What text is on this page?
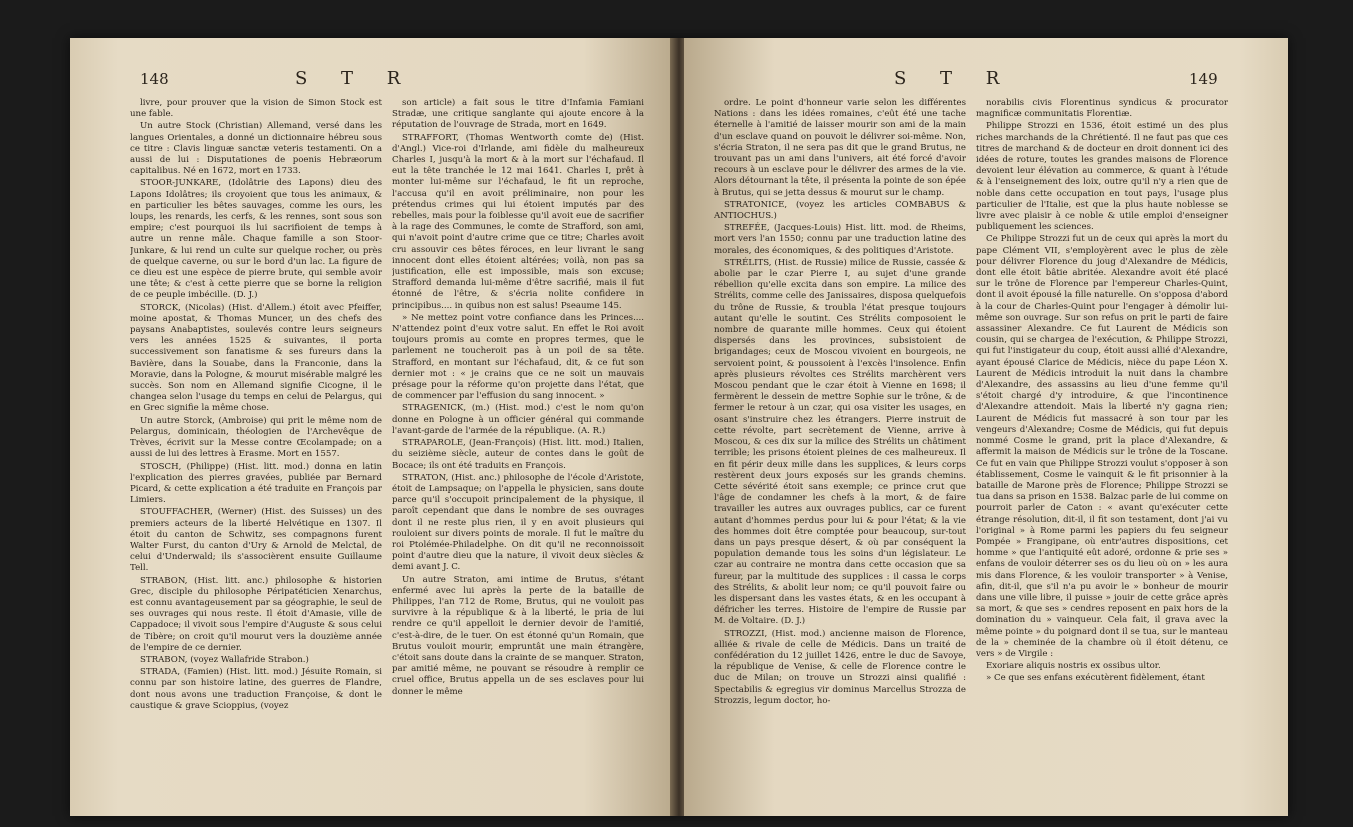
148	S T R

livre, pour prouver que la vision de Simon Stock est une fable.

Un autre Stock (Christian) Allemand, versé dans les langues Orientales, a donné un dictionnaire hébreu sous ce titre : Clavis linguæ sanctæ veteris testamenti. On a aussi de lui : Disputationes de poenis Hebræorum capitalibus. Né en 1672, mort en 1733.

STOOR-JUNKARE, (Idolâtrie des Lapons) dieu des Lapons Idolâtres; ils croyoient que tous les animaux, & en particulier les bêtes sauvages, comme les ours, les loups, les renards, les cerfs, & les rennes, sont sous son empire; c'est pourquoi ils lui sacrifioient de temps à autre un renne mâle. Chaque famille a son Stoor-Junkare, & lui rend un culte sur quelque rocher, ou près de quelque caverne, ou sur le bord d'un lac. La figure de ce dieu est une espèce de pierre brute, qui semble avoir une tête; & c'est à cette pierre que se borne la religion de ce peuple imbécille. (D. J.)

STORCK, (Nicolas) (Hist. d'Allem.) étoit avec Pfeiffer, moine apostat, & Thomas Muncer, un des chefs des paysans Anabaptistes, soulevés contre leurs seigneurs vers les années 1525 & suivantes, il porta successivement son fanatisme & ses fureurs dans la Bavière, dans la Souabe, dans la Franconie, dans la Moravie, dans la Pologne, & mourut misérable malgré les succès. Son nom en Allemand signifie Cicogne, il le changea selon l'usage du temps en celui de Pelargus, qui en Grec signifie la même chose.

Un autre Storck, (Ambroise) qui prit le même nom de Pelargus, dominicain, théologien de l'Archevêque de Trèves, écrivit sur la Messe contre Œcolampade; on a aussi de lui des lettres à Erasme. Mort en 1557.

STOSCH, (Philippe) (Hist. litt. mod.) donna en latin l'explication des pierres gravées, publiée par Bernard Picard, & cette explication a été traduite en François par Limiers.

STOUFFACHER, (Werner) (Hist. des Suisses) un des premiers acteurs de la liberté Helvétique en 1307. Il étoit du canton de Schwitz, ses compagnons furent Walter Furst, du canton d'Ury & Arnold de Melctal, de celui d'Underwald; ils s'associèrent ensuite Guillaume Tell.

STRABON, (Hist. litt. anc.) philosophe & historien Grec, disciple du philosophe Péripatéticien Xenarchus, est connu avantageusement par sa géographie, le seul de ses ouvrages qui nous reste. Il étoit d'Amasie, ville de Cappadoce; il vivoit sous l'empire d'Auguste & sous celui de Tibère; on croit qu'il mourut vers la douzième année de l'empire de ce dernier.

STRABON, (voyez Wallafride Strabon.)

STRADA, (Famien) (Hist. litt. mod.) Jésuite Romain, si connu par son histoire latine, des guerres de Flandre, dont nous avons une traduction Françoise, & dont le caustique & grave Scioppius, (voyez

son article) a fait sous le titre d'Infamia Famiani Stradæ, une critique sanglante qui ajoute encore à la réputation de l'ouvrage de Strada, mort en 1649.

STRAFFORT, (Thomas Wentworth comte de) (Hist. d'Angl.) Vice-roi d'Irlande, ami fidèle du malheureux Charles I, jusqu'à la mort & à la mort sur l'échafaud. Il eut la tête tranchée le 12 mai 1641. Charles I, prêt à monter lui-même sur l'échafaud, le fit un reproche, l'accusa qu'il en avoit préliminaire, non pour les prétendus crimes qui lui étoient imputés par des rebelles, mais pour la foiblesse qu'il avoit eue de sacrifier à la rage des Communes, le comte de Strafford, son ami, qui n'avoit point d'autre crime que ce titre; Charles avoit cru assouvir ces bêtes féroces, en leur livrant le sang innocent dont elles étoient altérées; voilà, non pas sa justification, elle est impossible, mais son excuse; Strafford demanda lui-même d'être sacrifié, mais il fut étonné de l'être, & s'écria nolite confidere in principibus.... in quibus non est salus! Pseaume 145.

» Ne mettez point votre confiance dans les Princes.... N'attendez point d'eux votre salut. En effet le Roi avoit toujours promis au comte en propres termes, que le parlement ne toucheroit pas à un poil de sa tête. Strafford, en montant sur l'échafaud, dit, & ce fut son dernier mot : « je crains que ce ne soit un mauvais présage pour la réforme qu'on projette dans l'état, que de commencer par l'effusion du sang innocent. »

STRAGENICK, (m.) (Hist. mod.) c'est le nom qu'on donne en Pologne à un officier général qui commande l'avant-garde de l'armée de la république. (A. R.)

STRAPAROLE, (Jean-François) (Hist. litt. mod.) Italien, du seizième siècle, auteur de contes dans le goût de Bocace; ils ont été traduits en François.

STRATON, (Hist. anc.) philosophe de l'école d'Aristote, étoit de Lampsaque; on l'appella le physicien, sans doute parce qu'il s'occupoit principalement de la physique, il paroît cependant que dans le nombre de ses ouvrages dont il ne reste plus rien, il y en avoit plusieurs qui rouloient sur divers points de morale. Il fut le maître du roi Ptolémée-Philadelphe. On dit qu'il ne reconnoissoit point d'autre dieu que la nature, il vivoit deux siècles & demi avant J. C.

Un autre Straton, ami intime de Brutus, s'étant enfermé avec lui après la perte de la bataille de Philippes, l'an 712 de Rome, Brutus, qui ne vouloit pas survivre à la république & à la liberté, le pria de lui rendre ce qu'il appelloit le dernier devoir de l'amitié, c'est-à-dire, de le tuer. On est étonné qu'un Romain, que Brutus vouloit mourir, empruntât une main étrangère, c'étoit sans doute dans la crainte de se manquer. Straton, par amitié même, ne pouvant se résoudre à remplir ce cruel office, Brutus appella un de ses esclaves pour lui donner le même

S T R	149

ordre. Le point d'honneur varie selon les différentes Nations : dans les idées romaines, c'eût été une tache éternelle à l'amitié de laisser mourir son ami de la main d'un esclave quand on pouvoit le délivrer soi-même. Non, s'écria Straton, il ne sera pas dit que le grand Brutus, ne trouvant pas un ami dans l'univers, ait été forcé d'avoir recours à un esclave pour le délivrer des armes de la vie. Alors détournant la tête, il présenta la pointe de son épée à Brutus, qui se jetta dessus & mourut sur le champ.

STRATONICE, (voyez les articles COMBABUS & ANTIOCHUS.)

STREFÉE, (Jacques-Louis) Hist. litt. mod. de Rheims, mort vers l'an 1550; connu par une traduction latine des morales, des économiques, & des politiques d'Aristote.

STRÉLITS, (Hist. de Russie) milice de Russie, cassée & abolie par le czar Pierre I, au sujet d'une grande rébellion qu'elle excita dans son empire. La milice des Strélits, comme celle des Janissaires, disposa quelquefois du trône de Russie, & troubla l'état presque toujours autant qu'elle le soutint. Ces Strélits composoient le nombre de quarante mille hommes. Ceux qui étoient dispersés dans les provinces, subsistoient de brigandages; ceux de Moscou vivoient en bourgeois, ne servoient point, & poussoient à l'excès l'insolence. Enfin après plusieurs révoltes ces Strélits marchèrent vers Moscou pendant que le czar étoit à Vienne en 1698; il fermèrent le dessein de mettre Sophie sur le trône, & de fermer le retour à un czar, qui osa visiter les usages, en osant s'instruire chez les étrangers. Pierre instruit de cette révolte, part secrètement de Vienne, arrive à Moscou, & ces dix sur la milice des Strélits un châtiment terrible; les prisons étoient pleines de ces malheureux. Il en fit périr deux mille dans les supplices, & leurs corps restèrent deux jours exposés sur les grands chemins. Cette sévérité étoit sans exemple; ce prince crut que l'âge de condamner les chefs à la mort, & de faire travailler les autres aux ouvrages publics, car ce furent autant d'hommes perdus pour lui & pour l'état; & la vie des hommes doit être comptée pour beaucoup, sur-tout dans un pays presque désert, & où par conséquent la population demande tous les soins d'un législateur. Le czar au contraire ne montra dans cette occasion que sa fureur, par la multitude des supplices : il cassa le corps des Strélits, & abolit leur nom; ce qu'il pouvoit faire ou les dispersant dans les vastes états, & en les occupant à défricher les terres. Histoire de l'empire de Russie par M. de Voltaire. (D. J.)

STROZZI, (Hist. mod.) ancienne maison de Florence, alliée & rivale de celle de Médicis. Dans un traité de confédération du 12 juillet 1426, entre le duc de Savoye, la république de Venise, & celle de Florence contre le duc de Milan; on trouve un Strozzi ainsi qualifié : Spectabilis & egregius vir dominus Marcellus Strozza de Strozzis, legum doctor, ho-

norabilis civis Florentinus syndicus & procurator magnificæ communitatis Florentiæ.

Philippe Strozzi en 1536, étoit estimé un des plus riches marchands de la Chrétienté. Il ne faut pas que ces titres de marchand & de docteur en droit donnent ici des idées de roture, toutes les grandes maisons de Florence devoient leur élévation au commerce, & quant à l'étude & à l'enseignement des loix, outre qu'il n'y a rien que de noble dans cette occupation en tout pays, l'usage plus particulier de l'Italie, est que la plus haute noblesse se livre avec plaisir à ce noble & utile emploi d'enseigner publiquement les sciences.

Ce Philippe Strozzi fut un de ceux qui après la mort du pape Clément VII, s'employèrent avec le plus de zèle pour délivrer Florence du joug d'Alexandre de Médicis, dont elle étoit bâtie abritée. Alexandre avoit été placé sur le trône de Florence par l'empereur Charles-Quint, dont il avoit épousé la fille naturelle. On s'opposa d'abord à la cour de Charles-Quint pour l'engager à démolir lui-même son ouvrage. Sur son refus on prit le parti de faire assassiner Alexandre. Ce fut Laurent de Médicis son cousin, qui se chargea de l'exécution, & Philippe Strozzi, qui fut l'instigateur du coup, étoit aussi allié d'Alexandre, ayant épousé Clarice de Médicis, nièce du pape Léon X. Laurent de Médicis introduit la nuit dans la chambre d'Alexandre, des assassins au lieu d'une femme qu'il s'étoit chargé d'y introduire, & que l'incontinence d'Alexandre attendoit. Mais la liberté n'y gagna rien; Laurent de Médicis fut massacré à son tour par les vengeurs d'Alexandre; Cosme de Médicis, qui fut depuis nommé Cosme le grand, prit la place d'Alexandre, & affermit la maison de Médicis sur le trône de la Toscane. Ce fut en vain que Philippe Strozzi voulut s'opposer à son établissement, Cosme le vainquit & le fit prisonnier à la bataille de Marone près de Florence; Philippe Strozzi se tua dans sa prison en 1538. Balzac parle de lui comme on pourroit parler de Caton : « avant qu'exécuter cette étrange résolution, dit-il, il fit son testament, dont j'ai vu l'original » à Rome parmi les papiers du feu seigneur Pompée » Frangipane, où entr'autres dispositions, cet homme » que l'antiquité eût adoré, ordonne & prie ses » enfans de vouloir déterrer ses os du lieu où on » les aura mis dans Florence, & les vouloir transporter » à Venise, afin, dit-il, que s'il n'a pu avoir le » bonheur de mourir dans une ville libre, il puisse » jouir de cette grâce après sa mort, & que ses » cendres reposent en paix hors de la domination du » vainqueur. Cela fait, il grava avec la même pointe » du poignard dont il se tua, sur le manteau de la » cheminée de la chambre où il étoit détenu, ce vers » de Virgile :

Exoriare aliquis nostris ex ossibus ultor.

» Ce que ses enfans exécutèrent fidèlement, étant
